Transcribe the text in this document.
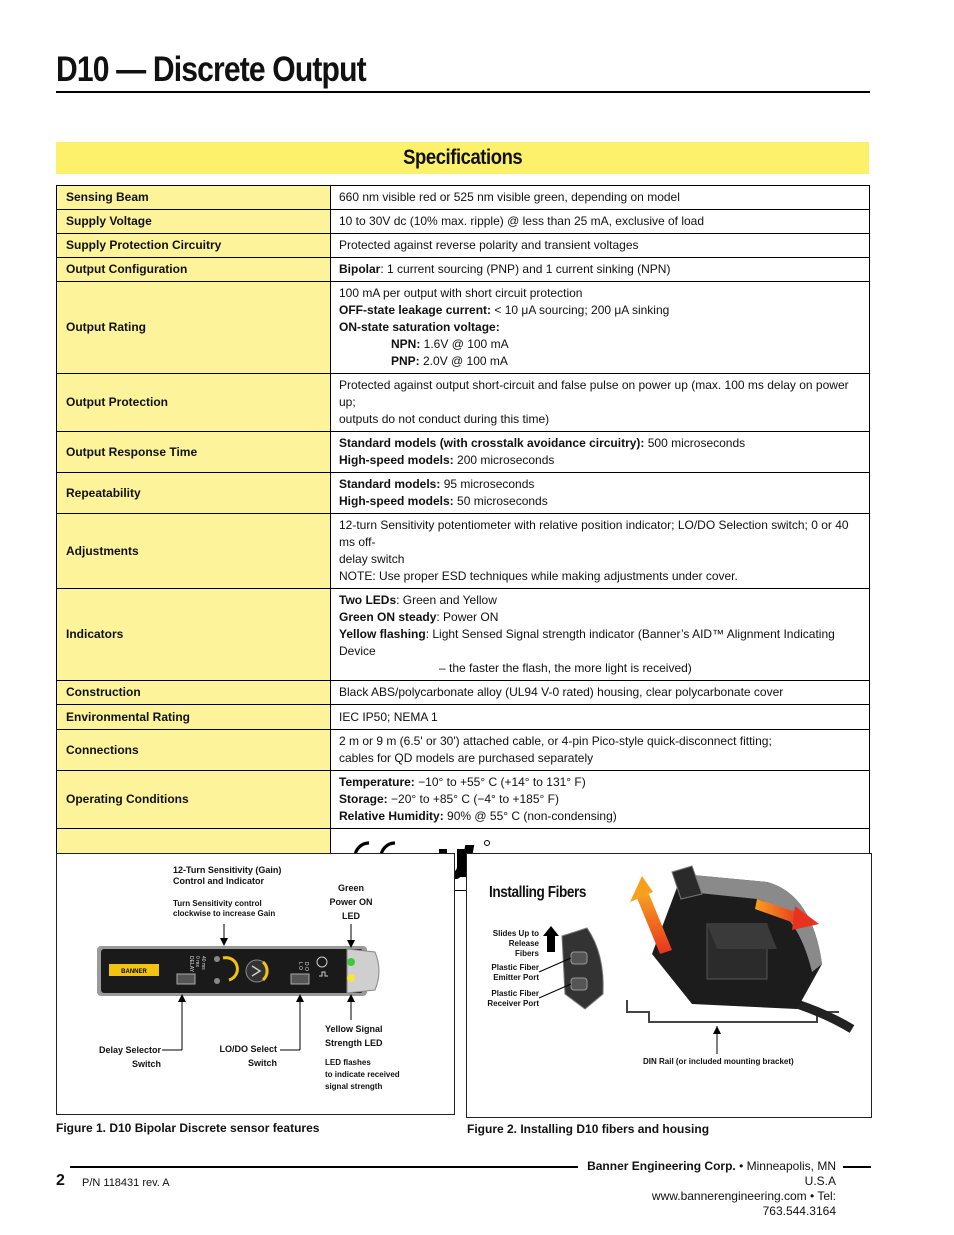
D10 — Discrete Output
Specifications
Sensing Beam	660 nm visible red or 525 nm visible green, depending on model
Supply Voltage	10 to 30V dc (10% max. ripple) @ less than 25 mA, exclusive of load
Supply Protection Circuitry	Protected against reverse polarity and transient voltages
Output Configuration	Bipolar: 1 current sourcing (PNP) and 1 current sinking (NPN)
Output Rating	100 mA per output with short circuit protection
OFF-state leakage current: < 10 μA sourcing; 200 μA sinking
ON-state saturation voltage:
NPN: 1.6V @ 100 mA
PNP: 2.0V @ 100 mA

Output Protection	Protected against output short-circuit and false pulse on power up (max. 100 ms delay on power up;
outputs do not conduct during this time)

Output Response Time	Standard models (with crosstalk avoidance circuitry): 500 microseconds
High-speed models: 200 microseconds

Repeatability	Standard models: 95 microseconds
High-speed models: 50 microseconds

Adjustments	12-turn Sensitivity potentiometer with relative position indicator; LO/DO Selection switch; 0 or 40 ms off-
delay switch
NOTE: Use proper ESD techniques while making adjustments under cover.

Indicators	Two LEDs: Green and Yellow
Green ON steady: Power ON
Yellow flashing: Light Sensed Signal strength indicator (Banner’s AID™ Alignment Indicating Device
– the faster the flash, the more light is received)

Construction	Black ABS/polycarbonate alloy (UL94 V-0 rated) housing, clear polycarbonate cover
Environmental Rating	IEC IP50; NEMA 1
Connections	2 m or 9 m (6.5' or 30') attached cable, or 4-pin Pico-style quick-disconnect fitting;
cables for QD models are purchased separately

Operating Conditions	Temperature: −10° to +55° C (+14° to 131° F)
Storage: −20° to +85° C (−4° to +185° F)
Relative Humidity: 90% @ 55° C (non-condensing)

BANNER	DELAY 0 ms 40 ms	L O D O
12-Turn Sensitivity (Gain)
Control and Indicator
Turn Sensitivity control
clockwise to increase Gain
Green
Power ON
LED
Delay Selector
Switch
LO/DO Select
Switch
Yellow Signal
Strength LED
LED flashes
to indicate received
signal strength
Figure 1. D10 Bipolar Discrete sensor features
Installing Fibers
Slides Up to
Release Fibers
Plastic Fiber
Emitter Port
Plastic Fiber
Receiver Port
DIN Rail (or included mounting bracket)
Figure 2. Installing D10 fibers and housing
2 P/N 118431 rev. A
Banner Engineering Corp. • Minneapolis, MN U.S.A
www.bannerengineering.com • Tel: 763.544.3164
